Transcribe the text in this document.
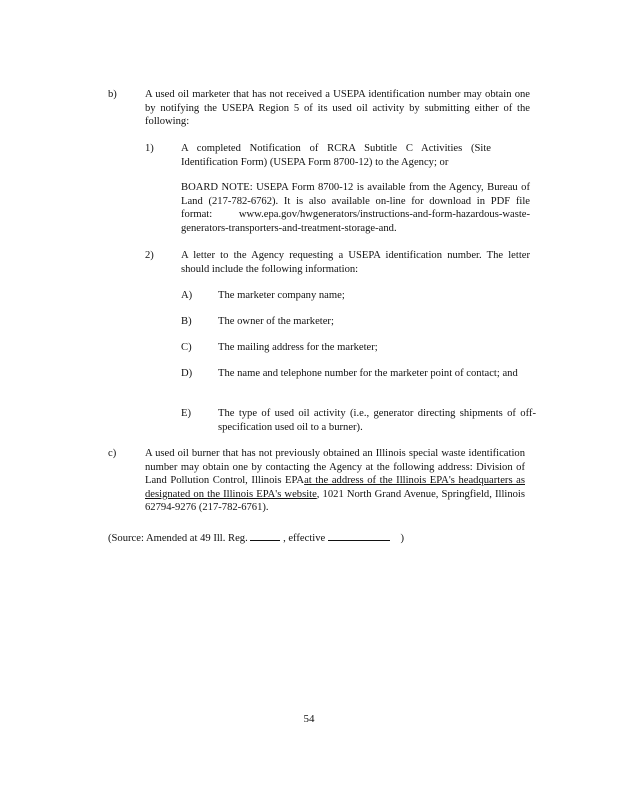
b)	A used oil marketer that has not received a USEPA identification number may obtain one by notifying the USEPA Region 5 of its used oil activity by submitting either of the following:
1)	A completed Notification of RCRA Subtitle C Activities (Site Identification Form) (USEPA Form 8700-12) to the Agency; or
BOARD NOTE: USEPA Form 8700-12 is available from the Agency, Bureau of Land (217-782-6762). It is also available on-line for download in PDF file format: www.epa.gov/hwgenerators/instructions-and-form-hazardous-waste-generators-transporters-and-treatment-storage-and.
2)	A letter to the Agency requesting a USEPA identification number. The letter should include the following information:
A) The marketer company name;
B) The owner of the marketer;
C) The mailing address for the marketer;
D) The name and telephone number for the marketer point of contact; and
E)	The type of used oil activity (i.e., generator directing shipments of off-specification used oil to a burner).
c)	A used oil burner that has not previously obtained an Illinois special waste identification number may obtain one by contacting the Agency at the following address: Division of Land Pollution Control, Illinois EPAat the address of the Illinois EPA's headquarters as designated on the Illinois EPA's website, 1021 North Grand Avenue, Springfield, Illinois 62794-9276 (217-782-6761).
(Source: Amended at 49 Ill. Reg.	, effective	)
54
